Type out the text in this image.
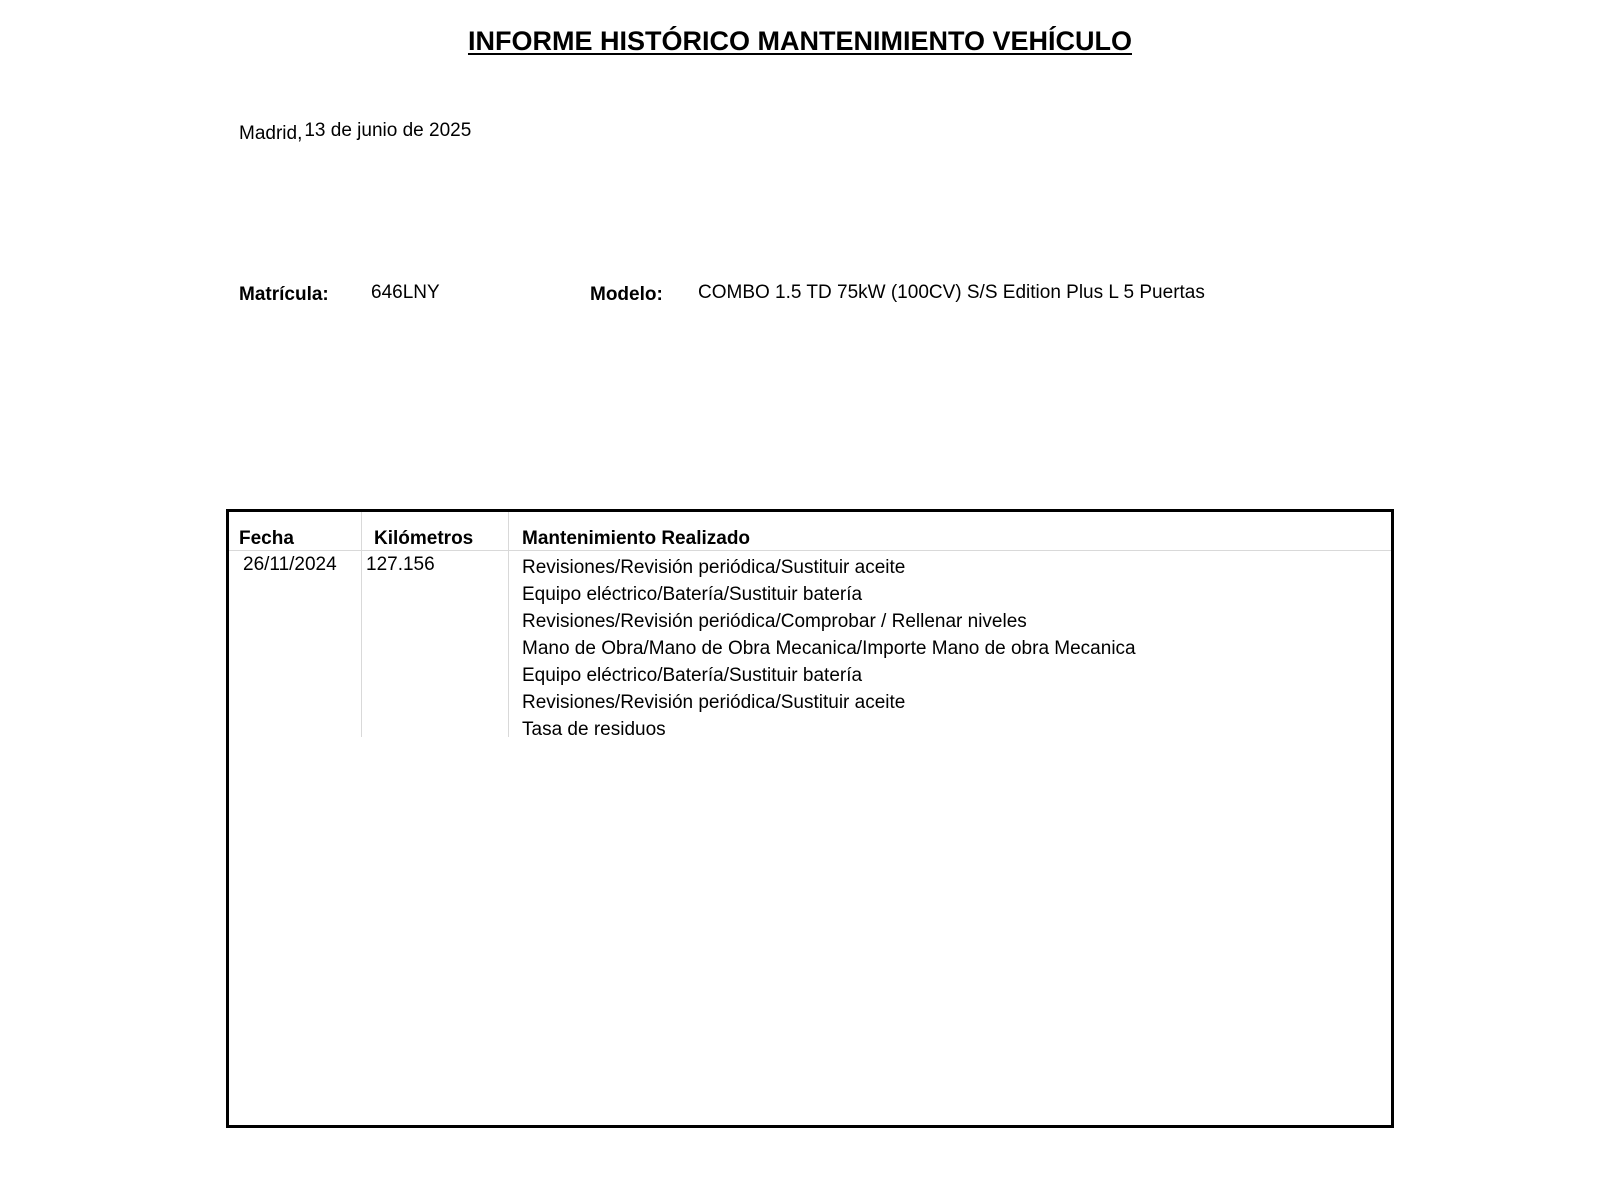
INFORME HISTÓRICO MANTENIMIENTO VEHÍCULO
Madrid, 13 de junio de 2025
Matrícula: 646LNY	Modelo: COMBO 1.5 TD 75kW (100CV) S/S Edition Plus L 5 Puertas
Fecha	Kilómetros	Mantenimiento Realizado
26/11/2024 127.156	Revisiones/Revisión periódica/Sustituir aceite
Equipo eléctrico/Batería/Sustituir batería
Revisiones/Revisión periódica/Comprobar / Rellenar niveles
Mano de Obra/Mano de Obra Mecanica/Importe Mano de obra Mecanica
Equipo eléctrico/Batería/Sustituir batería
Revisiones/Revisión periódica/Sustituir aceite
Tasa de residuos
